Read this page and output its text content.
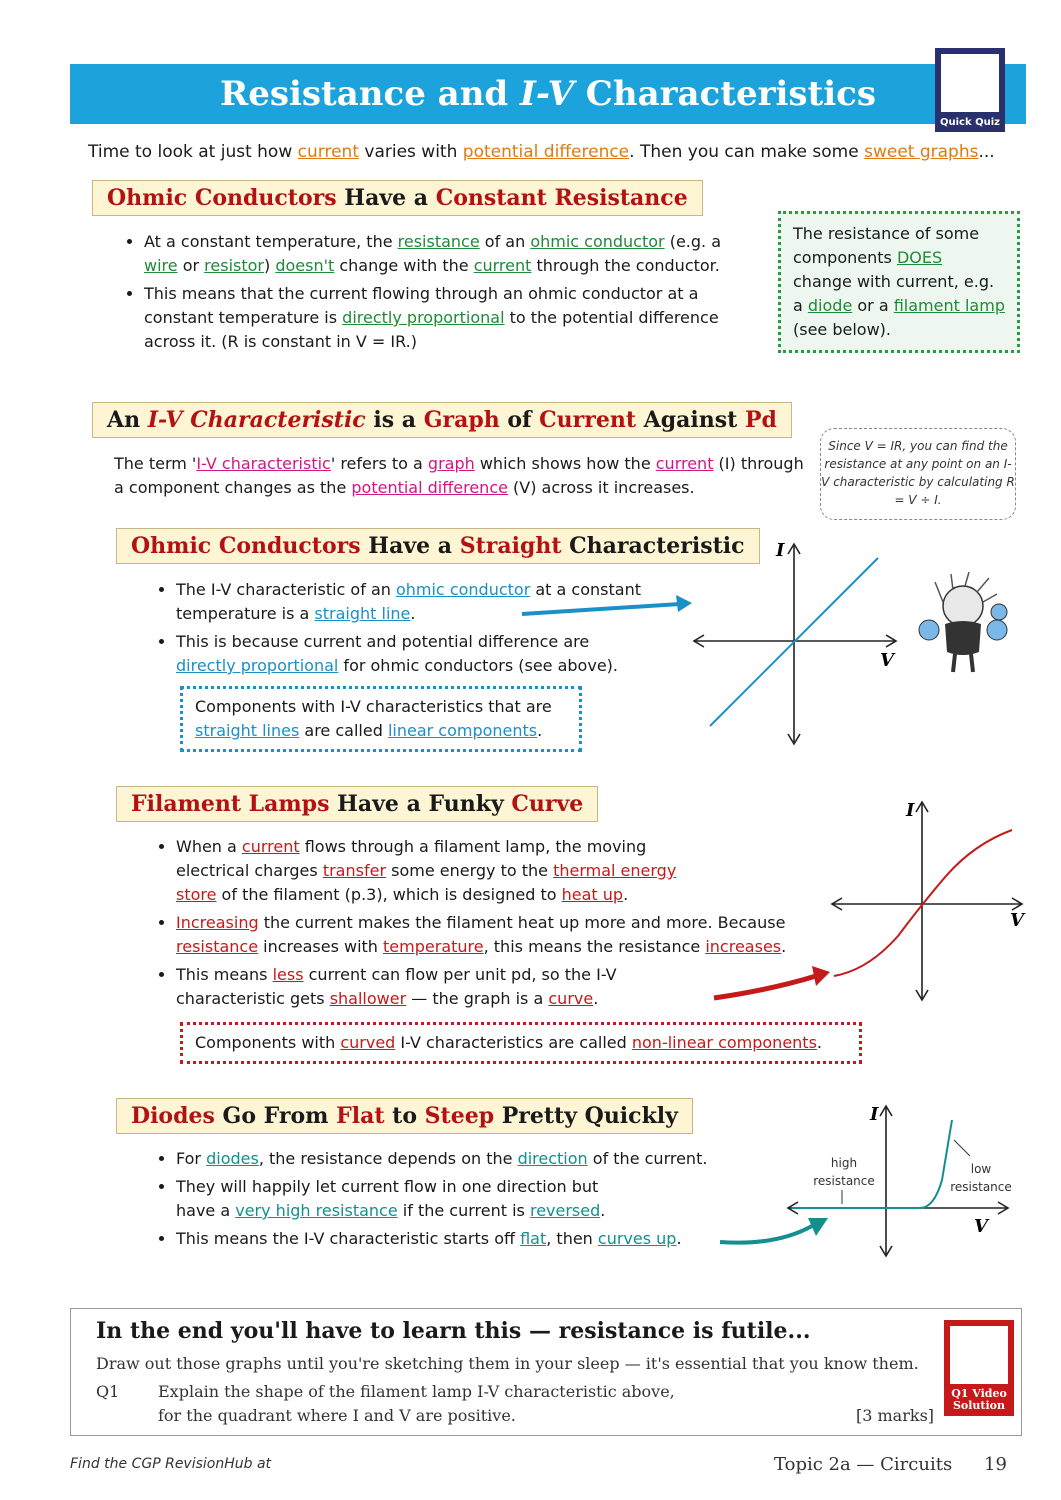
Resistance and I-V Characteristics
Quick Quiz
Time to look at just how current varies with potential difference. Then you can make some sweet graphs...
Ohmic Conductors Have a Constant Resistance
• At a constant temperature, the resistance of an ohmic conductor (e.g. a wire or resistor) doesn't change with the current through the conductor.
• This means that the current flowing through an ohmic conductor at a constant temperature is directly proportional to the potential difference across it. (R is constant in V = IR.)
The resistance of some components DOES change with current, e.g. a diode or a filament lamp (see below).
An I-V Characteristic is a Graph of Current Against Pd
The term 'I-V characteristic' refers to a graph which shows how the current (I) through a component changes as the potential difference (V) across it increases.
Since V = IR, you can find the resistance at any point on an I-V characteristic by calculating R = V ÷ I.
Ohmic Conductors Have a Straight Characteristic
• The I-V characteristic of an ohmic conductor at a constant temperature is a straight line.
• This is because current and potential difference are directly proportional for ohmic conductors (see above).
Components with I-V characteristics that are straight lines are called linear components.
I
V
Filament Lamps Have a Funky Curve
• When a current flows through a filament lamp, the moving electrical charges transfer some energy to the thermal energy store of the filament (p.3), which is designed to heat up.
• Increasing the current makes the filament heat up more and more. Because resistance increases with temperature, this means the resistance increases.
• This means less current can flow per unit pd, so the I-V characteristic gets shallower — the graph is a curve.
Components with curved I-V characteristics are called non-linear components.
I
V
Diodes Go From Flat to Steep Pretty Quickly
• For diodes, the resistance depends on the direction of the current.
• They will happily let current flow in one direction but have a very high resistance if the current is reversed.
• This means the I-V characteristic starts off flat, then curves up.
I
V
high resistance
low resistance
In the end you'll have to learn this — resistance is futile...
Draw out those graphs until you're sketching them in your sleep — it's essential that you know them.
Q1 Explain the shape of the filament lamp I-V characteristic above,
for the quadrant where I and V are positive.	[3 marks]
Q1 Video Solution
Find the CGP RevisionHub at	Topic 2a — Circuits 19
